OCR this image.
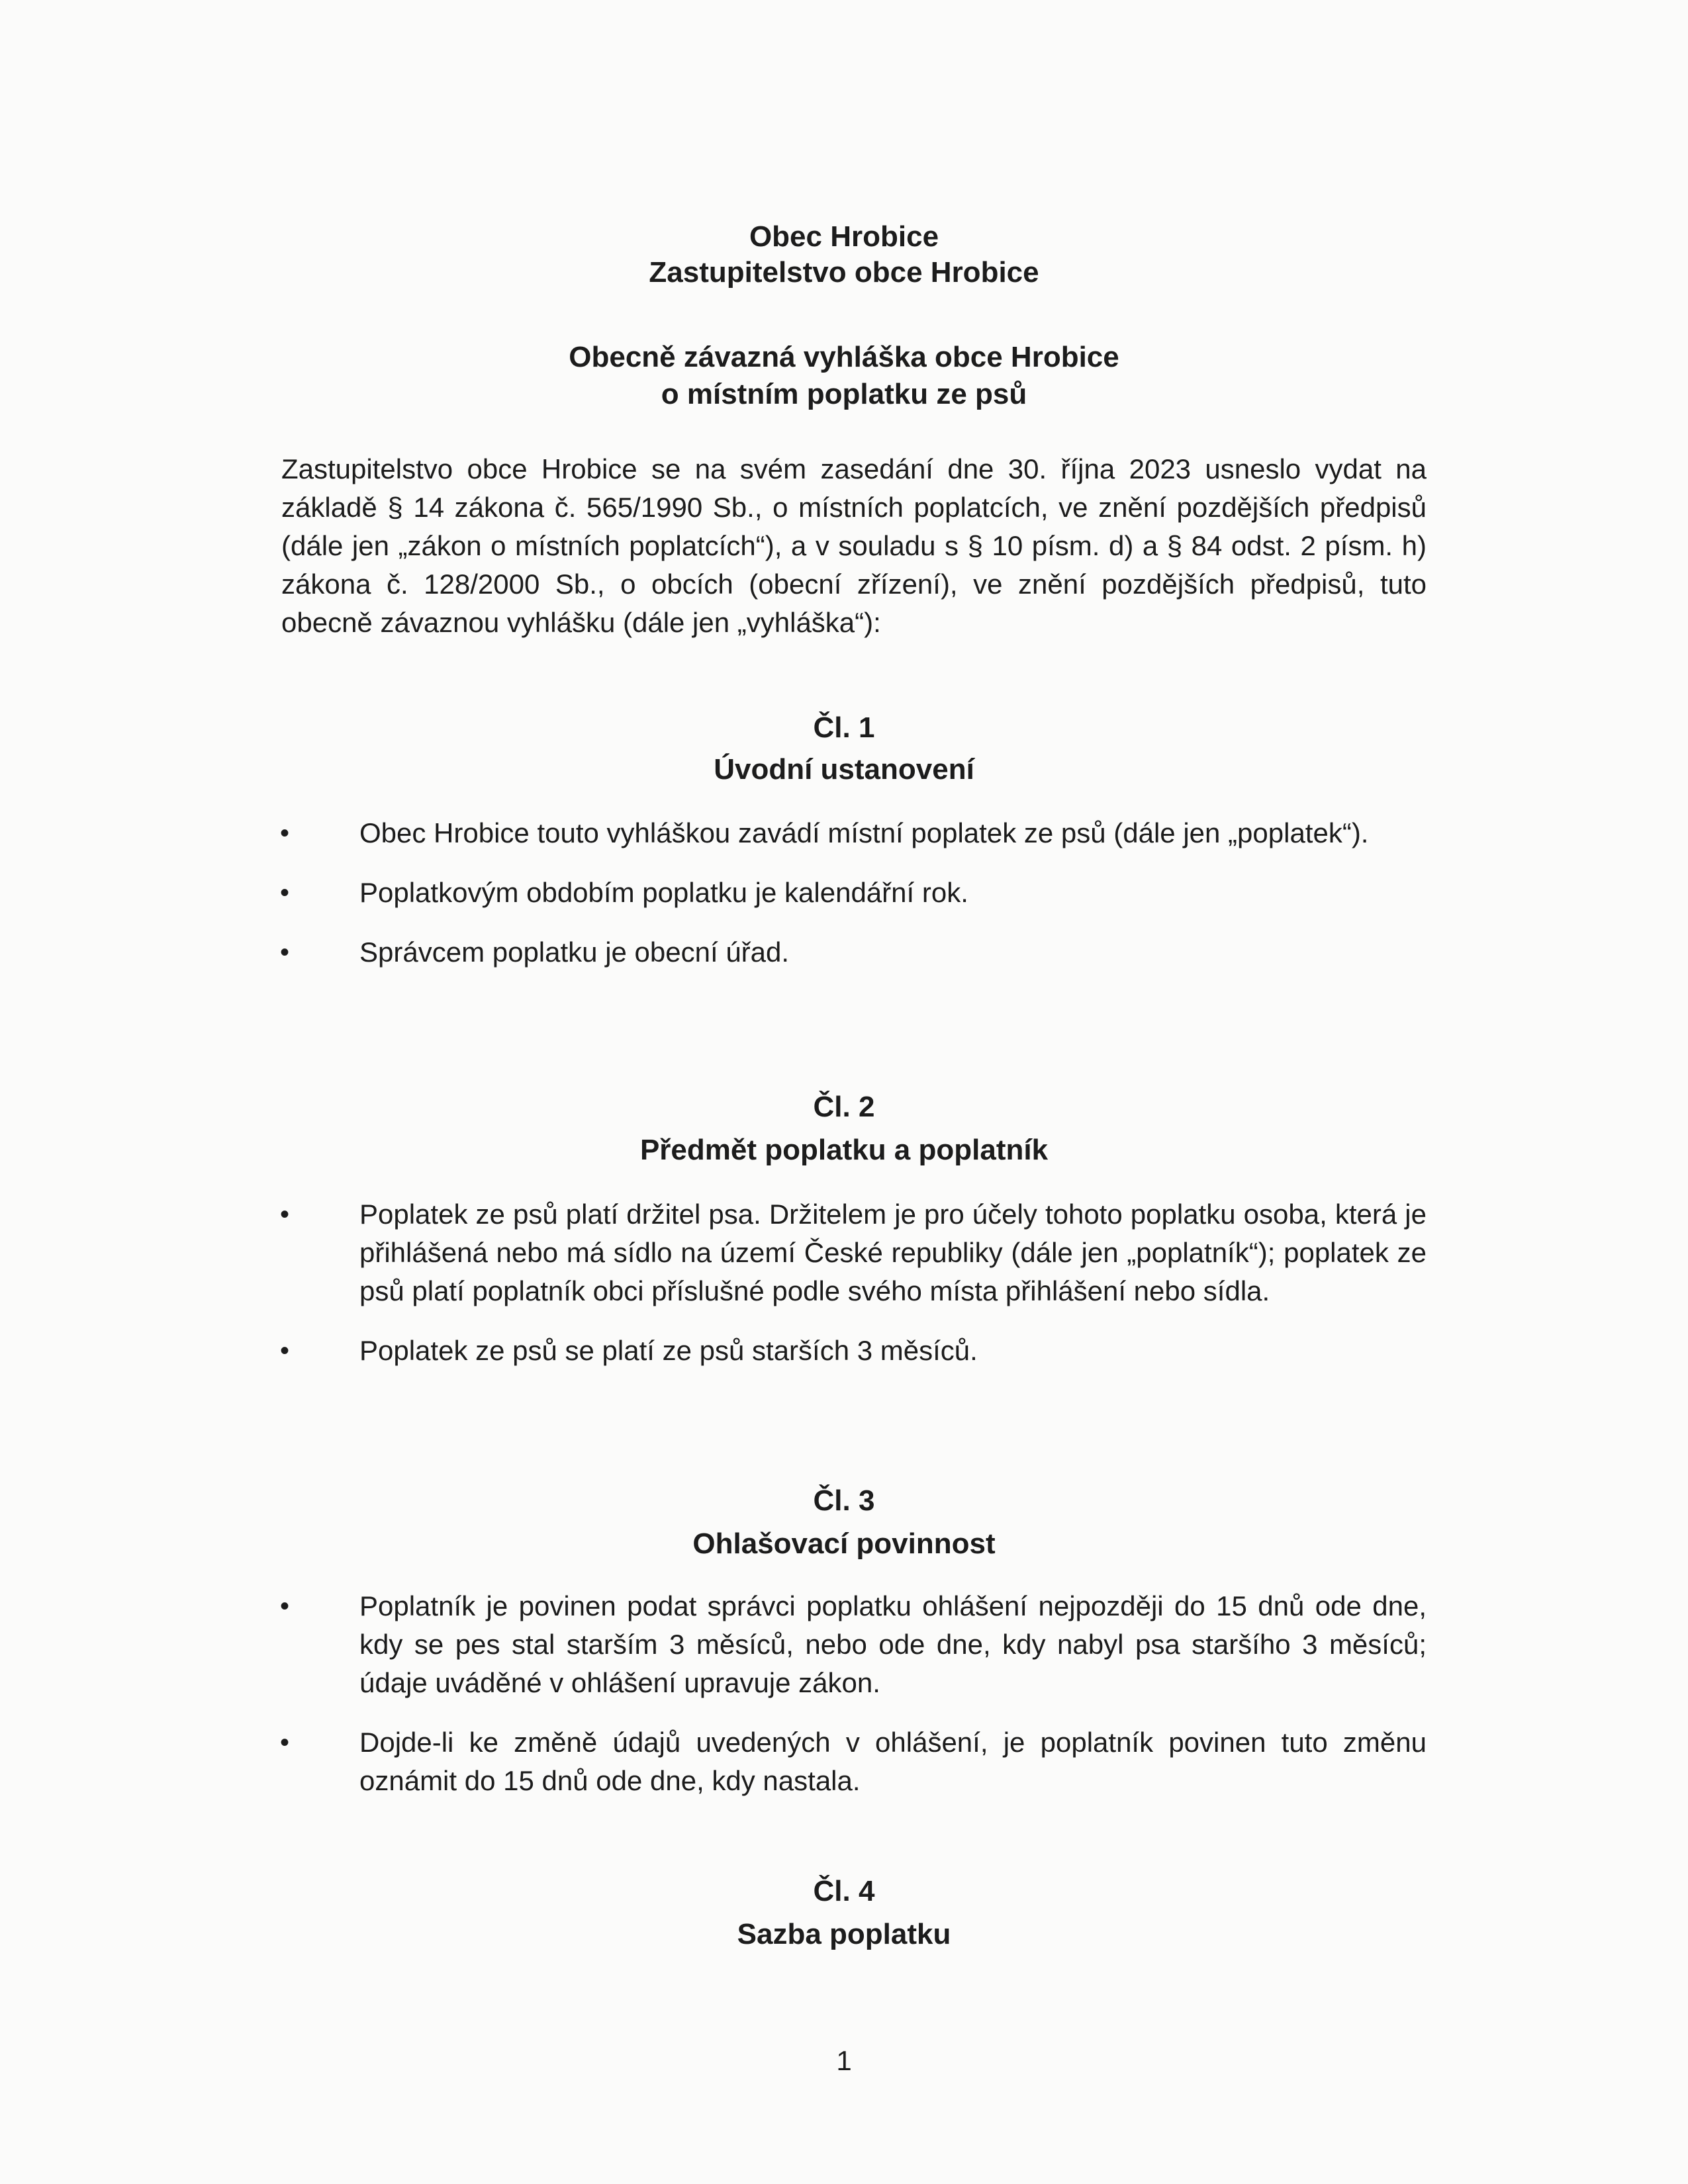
Obec Hrobice
Zastupitelstvo obce Hrobice
Obecně závazná vyhláška obce Hrobice
o místním poplatku ze psů
Zastupitelstvo obce Hrobice se na svém zasedání dne 30. října 2023 usneslo vydat na základě § 14 zákona č. 565/1990 Sb., o místních poplatcích, ve znění pozdějších předpisů (dále jen „zákon o místních poplatcích“), a v souladu s § 10 písm. d) a § 84 odst. 2 písm. h) zákona č. 128/2000 Sb., o obcích (obecní zřízení), ve znění pozdějších předpisů, tuto obecně závaznou vyhlášku (dále jen „vyhláška“):
Čl. 1
Úvodní ustanovení
•	Obec Hrobice touto vyhláškou zavádí místní poplatek ze psů (dále jen „poplatek“).
•	Poplatkovým obdobím poplatku je kalendářní rok.
•	Správcem poplatku je obecní úřad.
Čl. 2
Předmět poplatku a poplatník
•	Poplatek ze psů platí držitel psa. Držitelem je pro účely tohoto poplatku osoba, která je přihlášená nebo má sídlo na území České republiky (dále jen „poplatník“); poplatek ze psů platí poplatník obci příslušné podle svého místa přihlášení nebo sídla.
•	Poplatek ze psů se platí ze psů starších 3 měsíců.
Čl. 3
Ohlašovací povinnost
•	Poplatník je povinen podat správci poplatku ohlášení nejpozději do 15 dnů ode dne, kdy se pes stal starším 3 měsíců, nebo ode dne, kdy nabyl psa staršího 3 měsíců; údaje uváděné v ohlášení upravuje zákon.
•	Dojde-li ke změně údajů uvedených v ohlášení, je poplatník povinen tuto změnu oznámit do 15 dnů ode dne, kdy nastala.
Čl. 4
Sazba poplatku
1
